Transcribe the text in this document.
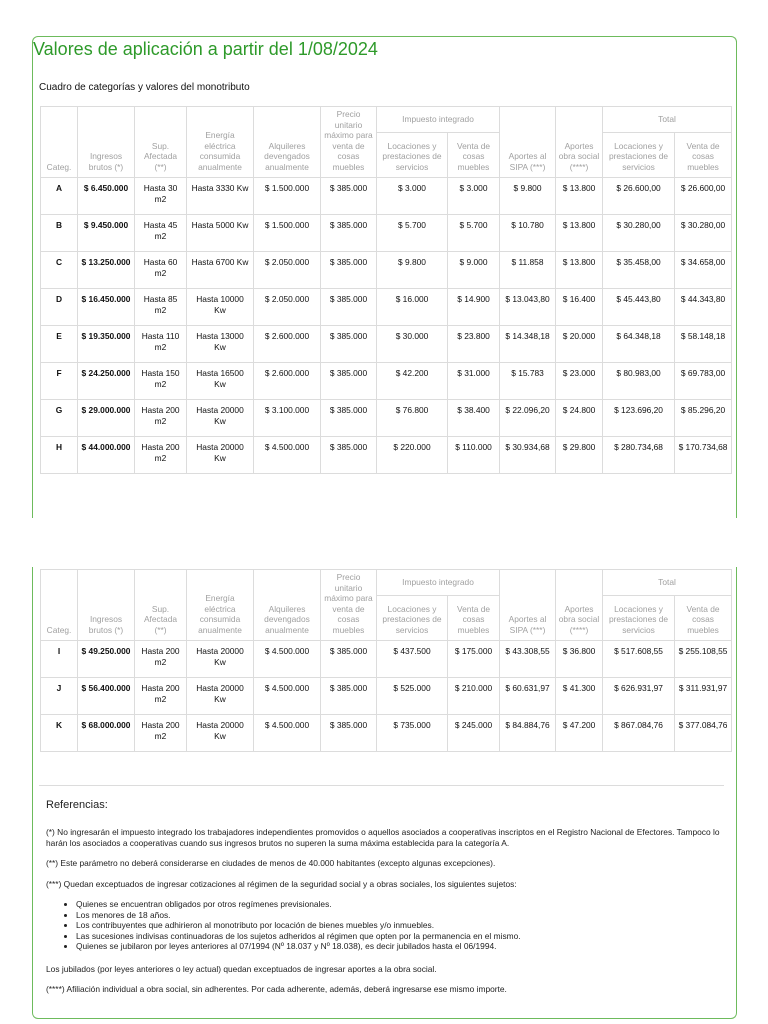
Valores de aplicación a partir del 1/08/2024

Cuadro de categorías y valores del monotributo

Categ.	Ingresos brutos (*)	Sup. Afectada (**)	Energía eléctrica consumida anualmente	Alquileres devengados anualmente	Precio unitario máximo para venta de cosas muebles	Impuesto integrado		Aportes al SIPA (***)	Aportes obra social (****)	Total	
						Locaciones y prestaciones de servicios	Venta de cosas muebles			Locaciones y prestaciones de servicios	Venta de cosas muebles
A	$ 6.450.000	Hasta 30 m2	Hasta 3330 Kw	$ 1.500.000	$ 385.000	$ 3.000	$ 3.000	$ 9.800	$ 13.800	$ 26.600,00	$ 26.600,00
B	$ 9.450.000	Hasta 45 m2	Hasta 5000 Kw	$ 1.500.000	$ 385.000	$ 5.700	$ 5.700	$ 10.780	$ 13.800	$ 30.280,00	$ 30.280,00
C	$ 13.250.000	Hasta 60 m2	Hasta 6700 Kw	$ 2.050.000	$ 385.000	$ 9.800	$ 9.000	$ 11.858	$ 13.800	$ 35.458,00	$ 34.658,00
D	$ 16.450.000	Hasta 85 m2	Hasta 10000 Kw	$ 2.050.000	$ 385.000	$ 16.000	$ 14.900	$ 13.043,80	$ 16.400	$ 45.443,80	$ 44.343,80
E	$ 19.350.000	Hasta 110 m2	Hasta 13000 Kw	$ 2.600.000	$ 385.000	$ 30.000	$ 23.800	$ 14.348,18	$ 20.000	$ 64.348,18	$ 58.148,18
F	$ 24.250.000	Hasta 150 m2	Hasta 16500 Kw	$ 2.600.000	$ 385.000	$ 42.200	$ 31.000	$ 15.783	$ 23.000	$ 80.983,00	$ 69.783,00
G	$ 29.000.000	Hasta 200 m2	Hasta 20000 Kw	$ 3.100.000	$ 385.000	$ 76.800	$ 38.400	$ 22.096,20	$ 24.800	$ 123.696,20	$ 85.296,20
H	$ 44.000.000	Hasta 200 m2	Hasta 20000 Kw	$ 4.500.000	$ 385.000	$ 220.000	$ 110.000	$ 30.934,68	$ 29.800	$ 280.734,68	$ 170.734,68
Categ.	Ingresos brutos (*)	Sup. Afectada (**)	Energía eléctrica consumida anualmente	Alquileres devengados anualmente	Precio unitario máximo para venta de cosas muebles	Impuesto integrado		Aportes al SIPA (***)	Aportes obra social (****)	Total	
						Locaciones y prestaciones de servicios	Venta de cosas muebles			Locaciones y prestaciones de servicios	Venta de cosas muebles
I	$ 49.250.000	Hasta 200 m2	Hasta 20000 Kw	$ 4.500.000	$ 385.000	$ 437.500	$ 175.000	$ 43.308,55	$ 36.800	$ 517.608,55	$ 255.108,55
J	$ 56.400.000	Hasta 200 m2	Hasta 20000 Kw	$ 4.500.000	$ 385.000	$ 525.000	$ 210.000	$ 60.631,97	$ 41.300	$ 626.931,97	$ 311.931,97
K	$ 68.000.000	Hasta 200 m2	Hasta 20000 Kw	$ 4.500.000	$ 385.000	$ 735.000	$ 245.000	$ 84.884,76	$ 47.200	$ 867.084,76	$ 377.084,76
Referencias:

(*) No ingresarán el impuesto integrado los trabajadores independientes promovidos o aquellos asociados a cooperativas inscriptos en el Registro Nacional de Efectores. Tampoco lo harán los asociados a cooperativas cuando sus ingresos brutos no superen la suma máxima establecida para la categoría A.

(**) Este parámetro no deberá considerarse en ciudades de menos de 40.000 habitantes (excepto algunas excepciones).

(***) Quedan exceptuados de ingresar cotizaciones al régimen de la seguridad social y a obras sociales, los siguientes sujetos:

• Quienes se encuentran obligados por otros regímenes previsionales.
• Los menores de 18 años.
• Los contribuyentes que adhirieron al monotributo por locación de bienes muebles y/o inmuebles.
• Las sucesiones indivisas continuadoras de los sujetos adheridos al régimen que opten por la permanencia en el mismo.
• Quienes se jubilaron por leyes anteriores al 07/1994 (Nº 18.037 y Nº 18.038), es decir jubilados hasta el 06/1994.

Los jubilados (por leyes anteriores o ley actual) quedan exceptuados de ingresar aportes a la obra social.

(****) Afiliación individual a obra social, sin adherentes. Por cada adherente, además, deberá ingresarse ese mismo importe.
